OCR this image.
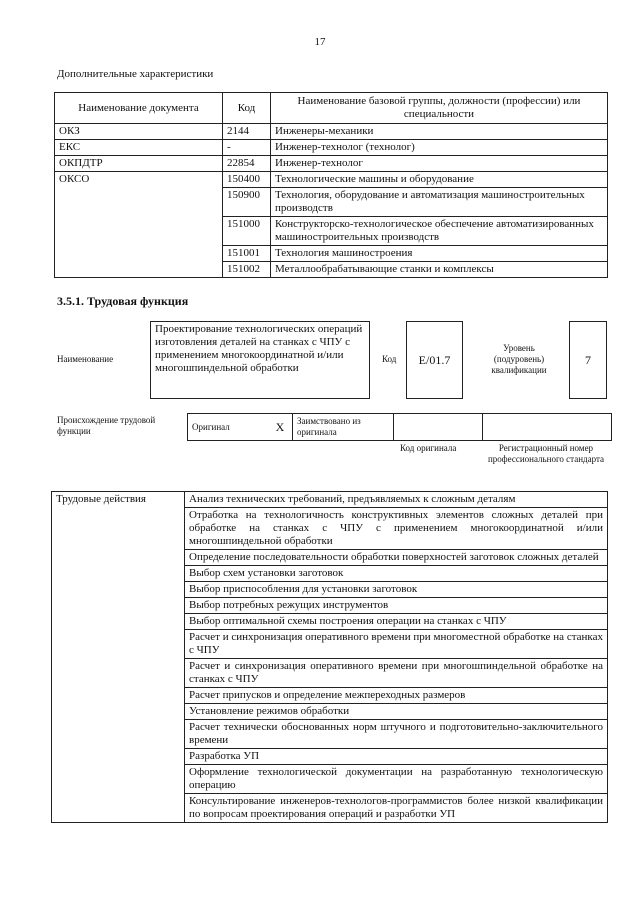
17
Дополнительные характеристики
Наименование документа	Код	Наименование базовой группы, должности (профессии) или специальности
ОКЗ	2144	Инженеры-механики
ЕКС	-	Инженер-технолог (технолог)
ОКПДТР	22854	Инженер-технолог
ОКСО	150400	Технологические машины и оборудование
	150900	Технология, оборудование и автоматизация машиностроительных производств
	151000	Конструкторско-технологическое обеспечение автоматизированных машиностроительных производств
	151001	Технология машиностроения
	151002	Металлообрабатывающие станки и комплексы
3.5.1. Трудовая функция
Наименование
Проектирование технологических операций изготовления деталей на станках с ЧПУ с применением многокоординатной и/или многошпиндельной обработки
Код	E/01.7
Уровень (подуровень) квалификации
7
Происхождение трудовой функции	Оригинал	X	Заимствовано из оригинала		
Код оригинала	Регистрационный номер профессионального стандарта
Трудовые действия	Анализ технических требований, предъявляемых к сложным деталям
Отработка на технологичность конструктивных элементов сложных деталей при обработке на станках с ЧПУ с применением многокоординатной и/или многошпиндельной обработки
Определение последовательности обработки поверхностей заготовок сложных деталей
Выбор схем установки заготовок
Выбор приспособления для установки заготовок
Выбор потребных режущих инструментов
Выбор оптимальной схемы построения операции на станках с ЧПУ
Расчет и синхронизация оперативного времени при многоместной обработке на станках с ЧПУ
Расчет и синхронизация оперативного времени при многошпиндельной обработке на станках с ЧПУ
Расчет припусков и определение межпереходных размеров
Установление режимов обработки
Расчет технически обоснованных норм штучного и подготовительно-заключительного времени
Разработка УП
Оформление технологической документации на разработанную технологическую операцию
Консультирование инженеров-технологов-программистов более низкой квалификации по вопросам проектирования операций и разработки УП
